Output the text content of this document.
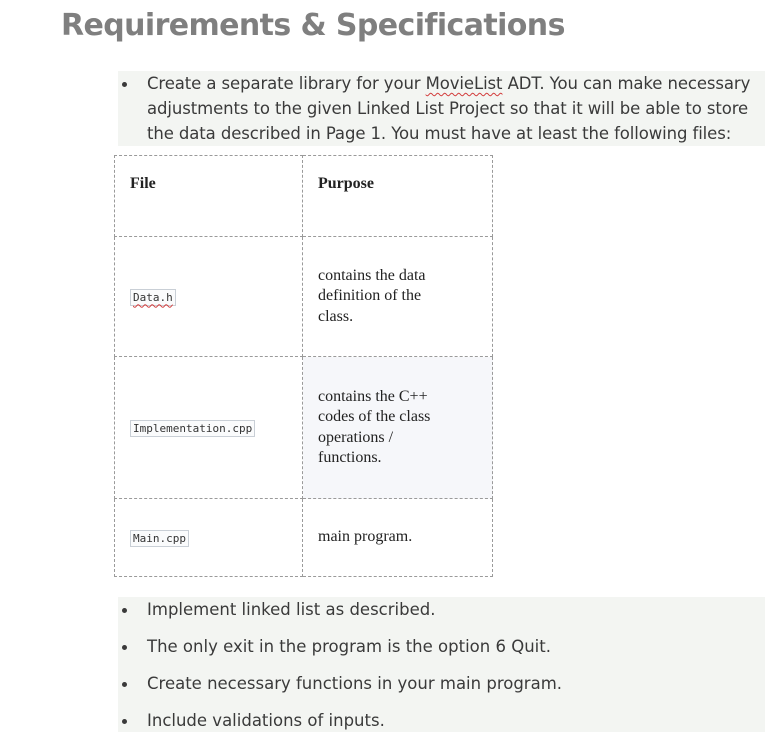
Requirements & Specifications
Create a separate library for your MovieList ADT. You can make necessary adjustments to the given Linked List Project so that it will be able to store the data described in Page 1. You must have at least the following files:
File	Purpose
Data.h	contains the data definition of the class.

Implementation.cpp	contains the C++ codes of the class operations / functions.

Main.cpp	main program.
Implement linked list as described.
The only exit in the program is the option 6 Quit.
Create necessary functions in your main program.
Include validations of inputs.
